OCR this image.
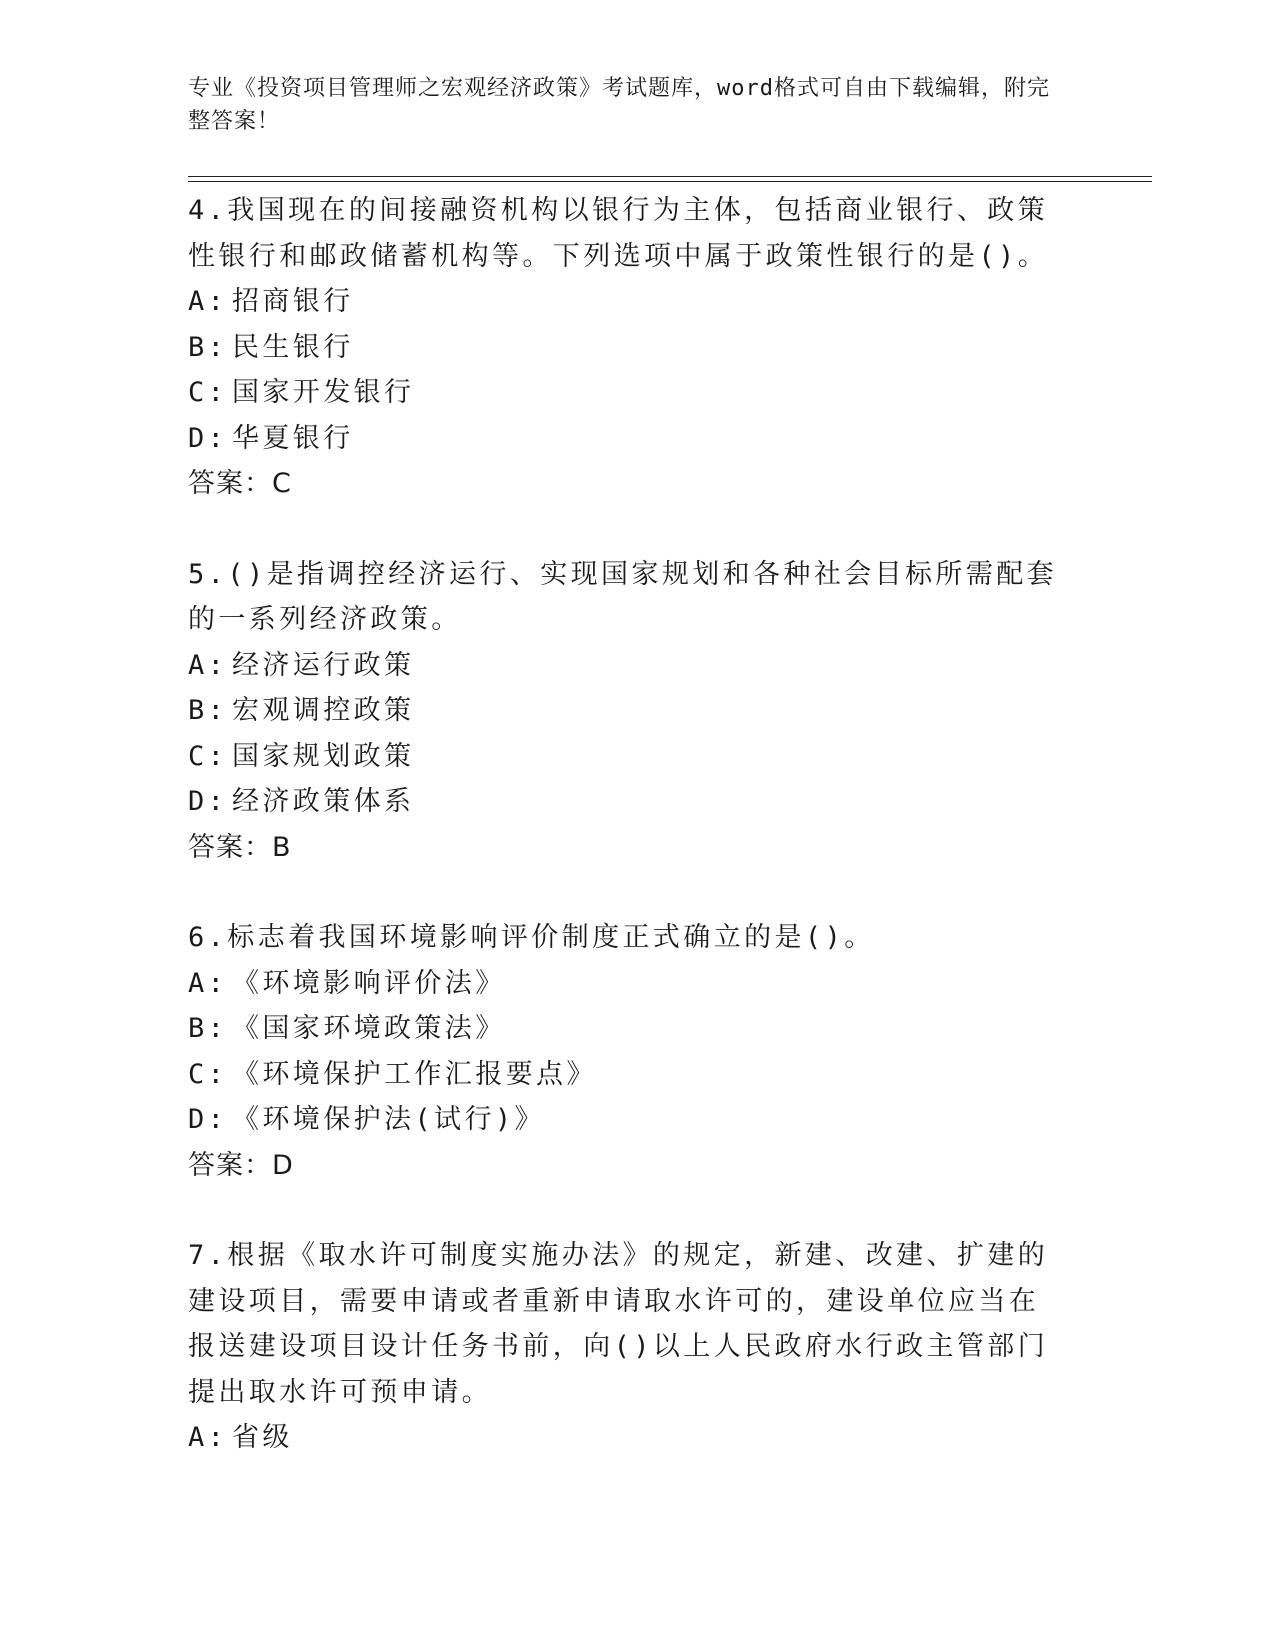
专业《投资项目管理师之宏观经济政策》考试题库，word格式可自由下载编辑，附完整答案！
4.我国现在的间接融资机构以银行为主体，包括商业银行、政策性银行和邮政储蓄机构等。下列选项中属于政策性银行的是()。
A: 招商银行
B: 民生银行
C: 国家开发银行
D: 华夏银行
答案：C
5.()是指调控经济运行、实现国家规划和各种社会目标所需配套的一系列经济政策。
A: 经济运行政策
B: 宏观调控政策
C: 国家规划政策
D: 经济政策体系
答案：B
6.标志着我国环境影响评价制度正式确立的是()。
A: 《环境影响评价法》
B: 《国家环境政策法》
C: 《环境保护工作汇报要点》
D: 《环境保护法(试行)》
答案：D
7.根据《取水许可制度实施办法》的规定，新建、改建、扩建的建设项目，需要申请或者重新申请取水许可的，建设单位应当在报送建设项目设计任务书前，向()以上人民政府水行政主管部门提出取水许可预申请。
A: 省级
